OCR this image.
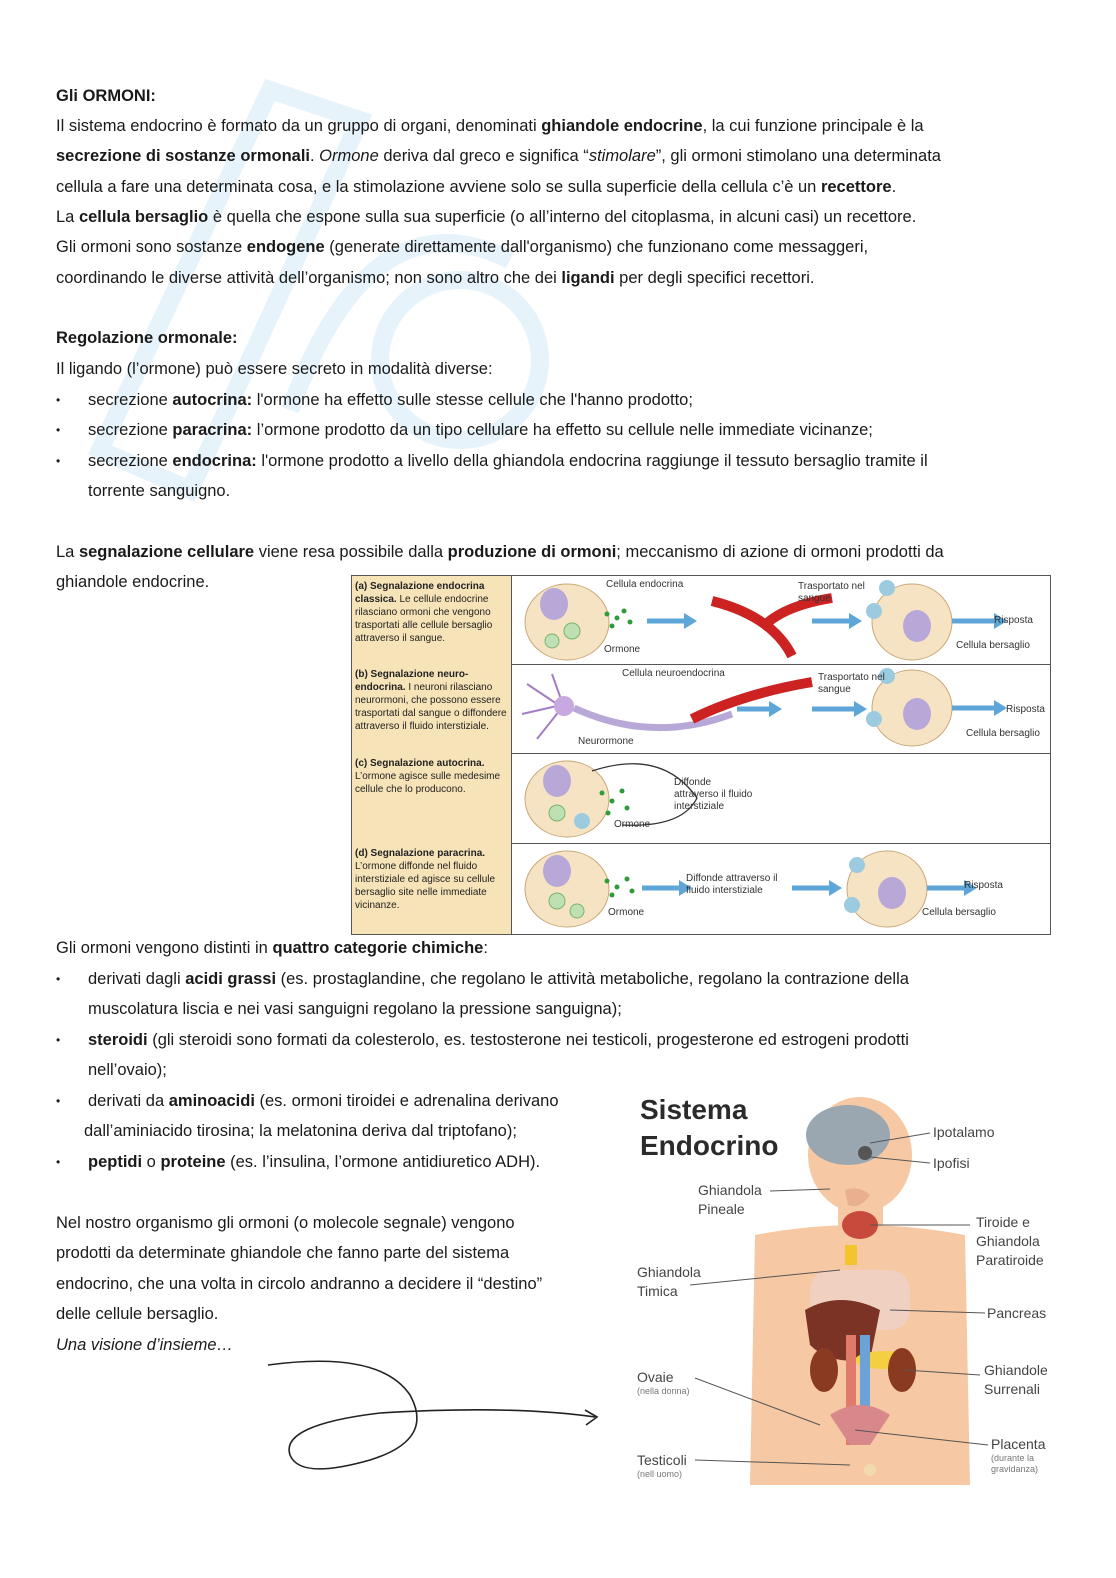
Gli ORMONI:
Il sistema endocrino è formato da un gruppo di organi, denominati ghiandole endocrine, la cui funzione principale è la
secrezione di sostanze ormonali. Ormone deriva dal greco e significa “stimolare”, gli ormoni stimolano una determinata
cellula a fare una determinata cosa, e la stimolazione avviene solo se sulla superficie della cellula c’è un recettore.
La cellula bersaglio è quella che espone sulla sua superficie (o all’interno del citoplasma, in alcuni casi) un recettore.
Gli ormoni sono sostanze endogene (generate direttamente dall'organismo) che funzionano come messaggeri,
coordinando le diverse attività dell’organismo; non sono altro che dei ligandi per degli specifici recettori.
Regolazione ormonale:
Il ligando (l’ormone) può essere secreto in modalità diverse:
• secrezione autocrina: l'ormone ha effetto sulle stesse cellule che l'hanno prodotto;
• secrezione paracrina: l’ormone prodotto da un tipo cellulare ha effetto su cellule nelle immediate vicinanze;
• secrezione endocrina: l'ormone prodotto a livello della ghiandola endocrina raggiunge il tessuto bersaglio tramite il
torrente sanguigno.
La segnalazione cellulare viene resa possibile dalla produzione di ormoni; meccanismo di azione di ormoni prodotti da
ghiandole endocrine.	(a) Segnalazione endocrina classica. Le cellule endocrine rilasciano ormoni che vengono trasportati alle cellule bersaglio attraverso il sangue.
Cellula endocrina	Trasportato nel sangue
Risposta
Cellula bersaglio
Ormone
(b) Segnalazione neuro-endocrina. I neuroni rilasciano neurormoni, che possono essere trasportati dal sangue o diffondere attraverso il fluido interstiziale.
Cellula neuroendocrina	Trasportato nel sangue
Risposta
Cellula bersaglio
Neurormone
(c) Segnalazione autocrina. L’ormone agisce sulle medesime cellule che lo producono.
Diffonde attraverso il fluido interstiziale
Ormone
(d) Segnalazione paracrina. L’ormone diffonde nel fluido interstiziale ed agisce su cellule bersaglio site nelle immediate vicinanze.
Diffonde attraverso il fluido interstiziale	Risposta
Cellula bersaglio
Ormone
Gli ormoni vengono distinti in quattro categorie chimiche:
• derivati dagli acidi grassi (es. prostaglandine, che regolano le attività metaboliche, regolano la contrazione della
muscolatura liscia e nei vasi sanguigni regolano la pressione sanguigna);
• steroidi (gli steroidi sono formati da colesterolo, es. testosterone nei testicoli, progesterone ed estrogeni prodotti
nell’ovaio);
• derivati da aminoacidi (es. ormoni tiroidei e adrenalina derivano
dall’aminiacido tirosina; la melatonina deriva dal triptofano);
• peptidi o proteine (es. l’insulina, l’ormone antidiuretico ADH).
Nel nostro organismo gli ormoni (o molecole segnale) vengono
prodotti da determinate ghiandole che fanno parte del sistema
endocrino, che una volta in circolo andranno a decidere il “destino”
delle cellule bersaglio.
Una visione d’insieme…
Sistema
Endocrino	Ipotalamo
Ipofisi
Ghiandola
Pineale
Tiroide e
Ghiandola
Paratiroide
Ghiandola
Timica
Pancreas
Ghiandole
Surrenali
Ovaie
(nella donna)
Placenta
(durante la
gravidanza)
Testicoli
(nell uomo)
